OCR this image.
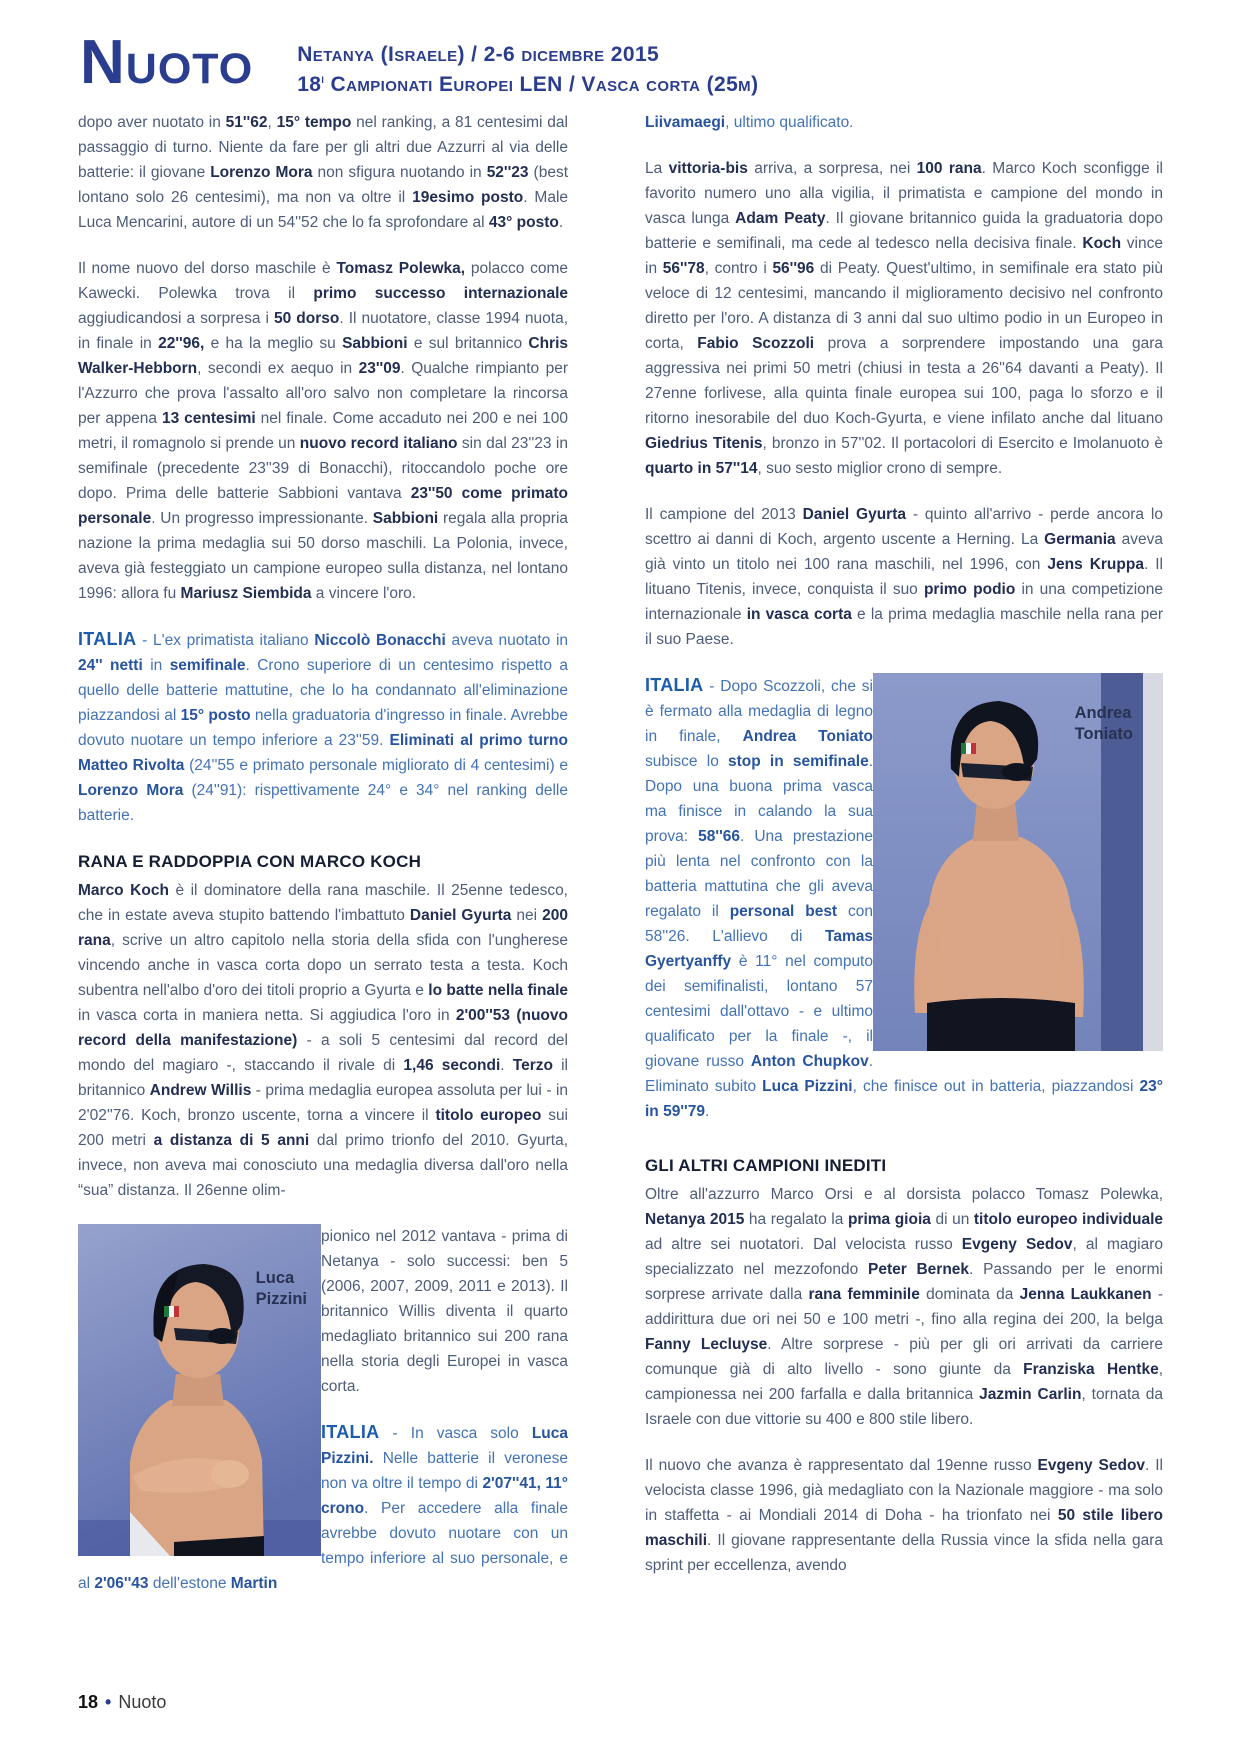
Nuoto Netanya (Israele) / 2-6 dicembre 2015
18$^i$ Campionati Europei LEN / Vasca corta (25m)

dopo aver nuotato in 51''62, 15° tempo nel ranking, a 81 centesimi dal passaggio di turno. Niente da fare per gli altri due Azzurri al via delle batterie: il giovane Lorenzo Mora non sfigura nuotando in 52''23 (best lontano solo 26 centesimi), ma non va oltre il 19esimo posto. Male Luca Mencarini, autore di un 54''52 che lo fa sprofondare al 43° posto.

Il nome nuovo del dorso maschile è Tomasz Polewka, polacco come Kawecki. Polewka trova il primo successo internazionale aggiudicandosi a sorpresa i 50 dorso. Il nuotatore, classe 1994 nuota, in finale in 22''96, e ha la meglio su Sabbioni e sul britannico Chris Walker-Hebborn, secondi ex aequo in 23''09. Qualche rimpianto per l'Azzurro che prova l'assalto all'oro salvo non completare la rincorsa per appena 13 centesimi nel finale. Come accaduto nei 200 e nei 100 metri, il romagnolo si prende un nuovo record italiano sin dal 23''23 in semifinale (precedente 23''39 di Bonacchi), ritoccandolo poche ore dopo. Prima delle batterie Sabbioni vantava 23''50 come primato personale. Un progresso impressionante. Sabbioni regala alla propria nazione la prima medaglia sui 50 dorso maschili. La Polonia, invece, aveva già festeggiato un campione europeo sulla distanza, nel lontano 1996: allora fu Mariusz Siembida a vincere l'oro.

ITALIA - L'ex primatista italiano Niccolò Bonacchi aveva nuotato in 24'' netti in semifinale. Crono superiore di un centesimo rispetto a quello delle batterie mattutine, che lo ha condannato all'eliminazione piazzandosi al 15° posto nella graduatoria d'ingresso in finale. Avrebbe dovuto nuotare un tempo inferiore a 23''59. Eliminati al primo turno Matteo Rivolta (24''55 e primato personale migliorato di 4 centesimi) e Lorenzo Mora (24''91): rispettivamente 24° e 34° nel ranking delle batterie.

RANA E RADDOPPIA CON MARCO KOCH

Marco Koch è il dominatore della rana maschile. Il 25enne tedesco, che in estate aveva stupito battendo l'imbattuto Daniel Gyurta nei 200 rana, scrive un altro capitolo nella storia della sfida con l'ungherese vincendo anche in vasca corta dopo un serrato testa a testa. Koch subentra nell'albo d'oro dei titoli proprio a Gyurta e lo batte nella finale in vasca corta in maniera netta. Si aggiudica l'oro in 2'00''53 (nuovo record della manifestazione) - a soli 5 centesimi dal record del mondo del magiaro -, staccando il rivale di 1,46 secondi. Terzo il britannico Andrew Willis - prima medaglia europea assoluta per lui - in 2'02''76. Koch, bronzo uscente, torna a vincere il titolo europeo sui 200 metri a distanza di 5 anni dal primo trionfo del 2010. Gyurta, invece, non aveva mai conosciuto una medaglia diversa dall'oro nella “sua” distanza. Il 26enne olim-

Luca
Pizzini

pionico nel 2012 vantava - prima di Netanya - solo successi: ben 5 (2006, 2007, 2009, 2011 e 2013). Il britannico Willis diventa il quarto medagliato britannico sui 200 rana nella storia degli Europei in vasca corta.

ITALIA - In vasca solo Luca Pizzini. Nelle batterie il veronese non va oltre il tempo di 2'07''41, 11° crono. Per accedere alla finale avrebbe dovuto nuotare con un tempo inferiore al suo personale, e al 2'06''43 dell'estone Martin

Liivamaegi, ultimo qualificato.

La vittoria-bis arriva, a sorpresa, nei 100 rana. Marco Koch sconfigge il favorito numero uno alla vigilia, il primatista e campione del mondo in vasca lunga Adam Peaty. Il giovane britannico guida la graduatoria dopo batterie e semifinali, ma cede al tedesco nella decisiva finale. Koch vince in 56''78, contro i 56''96 di Peaty. Quest'ultimo, in semifinale era stato più veloce di 12 centesimi, mancando il miglioramento decisivo nel confronto diretto per l'oro. A distanza di 3 anni dal suo ultimo podio in un Europeo in corta, Fabio Scozzoli prova a sorprendere impostando una gara aggressiva nei primi 50 metri (chiusi in testa a 26''64 davanti a Peaty). Il 27enne forlivese, alla quinta finale europea sui 100, paga lo sforzo e il ritorno inesorabile del duo Koch-Gyurta, e viene infilato anche dal lituano Giedrius Titenis, bronzo in 57''02. Il portacolori di Esercito e Imolanuoto è quarto in 57''14, suo sesto miglior crono di sempre.

Il campione del 2013 Daniel Gyurta - quinto all'arrivo - perde ancora lo scettro ai danni di Koch, argento uscente a Herning. La Germania aveva già vinto un titolo nei 100 rana maschili, nel 1996, con Jens Kruppa. Il lituano Titenis, invece, conquista il suo primo podio in una competizione internazionale in vasca corta e la prima medaglia maschile nella rana per il suo Paese.

Andrea
Toniato

ITALIA - Dopo Scozzoli, che si è fermato alla medaglia di legno in finale, Andrea Toniato subisce lo stop in semifinale. Dopo una buona prima vasca ma finisce in calando la sua prova: 58''66. Una prestazione più lenta nel confronto con la batteria mattutina che gli aveva regalato il personal best con 58''26. L'allievo di Tamas Gyertyanffy è 11° nel computo dei semifinalisti, lontano 57 centesimi dall'ottavo - e ultimo qualificato per la finale -, il giovane russo Anton Chupkov. Eliminato subito Luca Pizzini, che finisce out in batteria, piazzandosi 23° in 59''79.

GLI ALTRI CAMPIONI INEDITI

Oltre all'azzurro Marco Orsi e al dorsista polacco Tomasz Polewka, Netanya 2015 ha regalato la prima gioia di un titolo europeo individuale ad altre sei nuotatori. Dal velocista russo Evgeny Sedov, al magiaro specializzato nel mezzofondo Peter Bernek. Passando per le enormi sorprese arrivate dalla rana femminile dominata da Jenna Laukkanen - addirittura due ori nei 50 e 100 metri -, fino alla regina dei 200, la belga Fanny Lecluyse. Altre sorprese - più per gli ori arrivati da carriere comunque già di alto livello - sono giunte da Franziska Hentke, campionessa nei 200 farfalla e dalla britannica Jazmin Carlin, tornata da Israele con due vittorie su 400 e 800 stile libero.

Il nuovo che avanza è rappresentato dal 19enne russo Evgeny Sedov. Il velocista classe 1996, già medagliato con la Nazionale maggiore - ma solo in staffetta - ai Mondiali 2014 di Doha - ha trionfato nei 50 stile libero maschili. Il giovane rappresentante della Russia vince la sfida nella gara sprint per eccellenza, avendo

18 • Nuoto
